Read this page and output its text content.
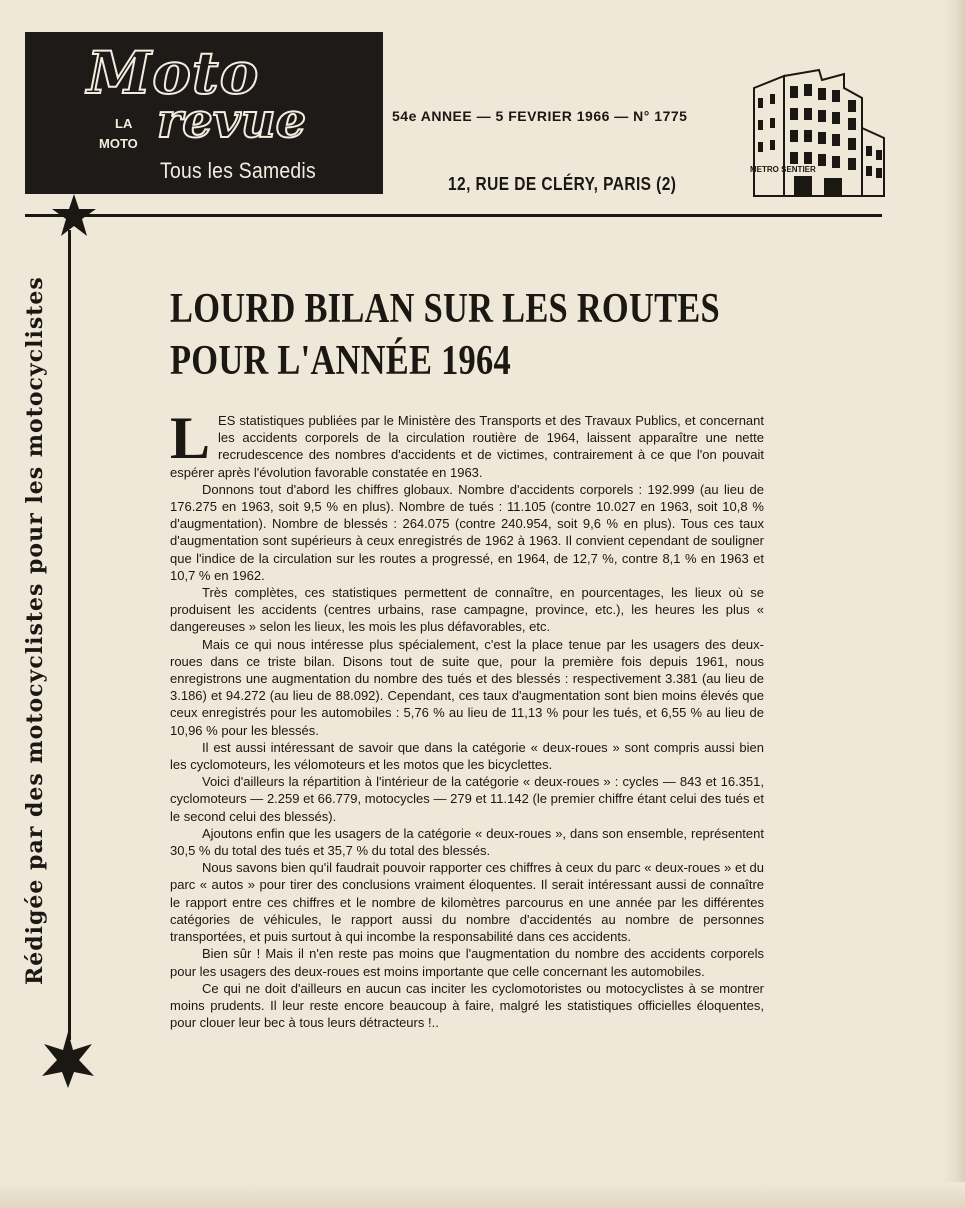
Moto
LA
MOTO revue
Tous les Samedis
54e ANNEE — 5 FEVRIER 1966 — N° 1775
12, RUE DE CLÉRY, PARIS (2)
METRO SENTIER
Rédigée par des motocyclistes pour les motocyclistes	LOURD BILAN SUR LES ROUTES
POUR L'ANNÉE 1964

LES statistiques publiées par le Ministère des Transports et des Travaux Publics, et concernant les accidents corporels de la circulation routière de 1964, laissent apparaître une nette recrudescence des nombres d'accidents et de victimes, contrairement à ce que l'on pouvait espérer après l'évolution favorable constatée en 1963.

Donnons tout d'abord les chiffres globaux. Nombre d'accidents corporels : 192.999 (au lieu de 176.275 en 1963, soit 9,5 % en plus). Nombre de tués : 11.105 (contre 10.027 en 1963, soit 10,8 % d'augmentation). Nombre de blessés : 264.075 (contre 240.954, soit 9,6 % en plus). Tous ces taux d'augmentation sont supérieurs à ceux enregistrés de 1962 à 1963. Il convient cependant de souligner que l'indice de la circulation sur les routes a progressé, en 1964, de 12,7 %, contre 8,1 % en 1963 et 10,7 % en 1962.

Très complètes, ces statistiques permettent de connaître, en pourcentages, les lieux où se produisent les accidents (centres urbains, rase campagne, province, etc.), les heures les plus « dangereuses » selon les lieux, les mois les plus défavorables, etc.

Mais ce qui nous intéresse plus spécialement, c'est la place tenue par les usagers des deux-roues dans ce triste bilan. Disons tout de suite que, pour la première fois depuis 1961, nous enregistrons une augmentation du nombre des tués et des blessés : respectivement 3.381 (au lieu de 3.186) et 94.272 (au lieu de 88.092). Cependant, ces taux d'augmentation sont bien moins élevés que ceux enregistrés pour les automobiles : 5,76 % au lieu de 11,13 % pour les tués, et 6,55 % au lieu de 10,96 % pour les blessés.

Il est aussi intéressant de savoir que dans la catégorie « deux-roues » sont compris aussi bien les cyclomoteurs, les vélomoteurs et les motos que les bicyclettes.

Voici d'ailleurs la répartition à l'intérieur de la catégorie « deux-roues » : cycles — 843 et 16.351, cyclomoteurs — 2.259 et 66.779, motocycles — 279 et 11.142 (le premier chiffre étant celui des tués et le second celui des blessés).

Ajoutons enfin que les usagers de la catégorie « deux-roues », dans son ensemble, représentent 30,5 % du total des tués et 35,7 % du total des blessés.

Nous savons bien qu'il faudrait pouvoir rapporter ces chiffres à ceux du parc « deux-roues » et du parc « autos » pour tirer des conclusions vraiment éloquentes. Il serait intéressant aussi de connaître le rapport entre ces chiffres et le nombre de kilomètres parcourus en une année par les différentes catégories de véhicules, le rapport aussi du nombre d'accidentés au nombre de personnes transportées, et puis surtout à qui incombe la responsabilité dans ces accidents.

Bien sûr ! Mais il n'en reste pas moins que l'augmentation du nombre des accidents corporels pour les usagers des deux-roues est moins importante que celle concernant les automobiles.

Ce qui ne doit d'ailleurs en aucun cas inciter les cyclomotoristes ou motocyclistes à se montrer moins prudents. Il leur reste encore beaucoup à faire, malgré les statistiques officielles éloquentes, pour clouer leur bec à tous leurs détracteurs !..
